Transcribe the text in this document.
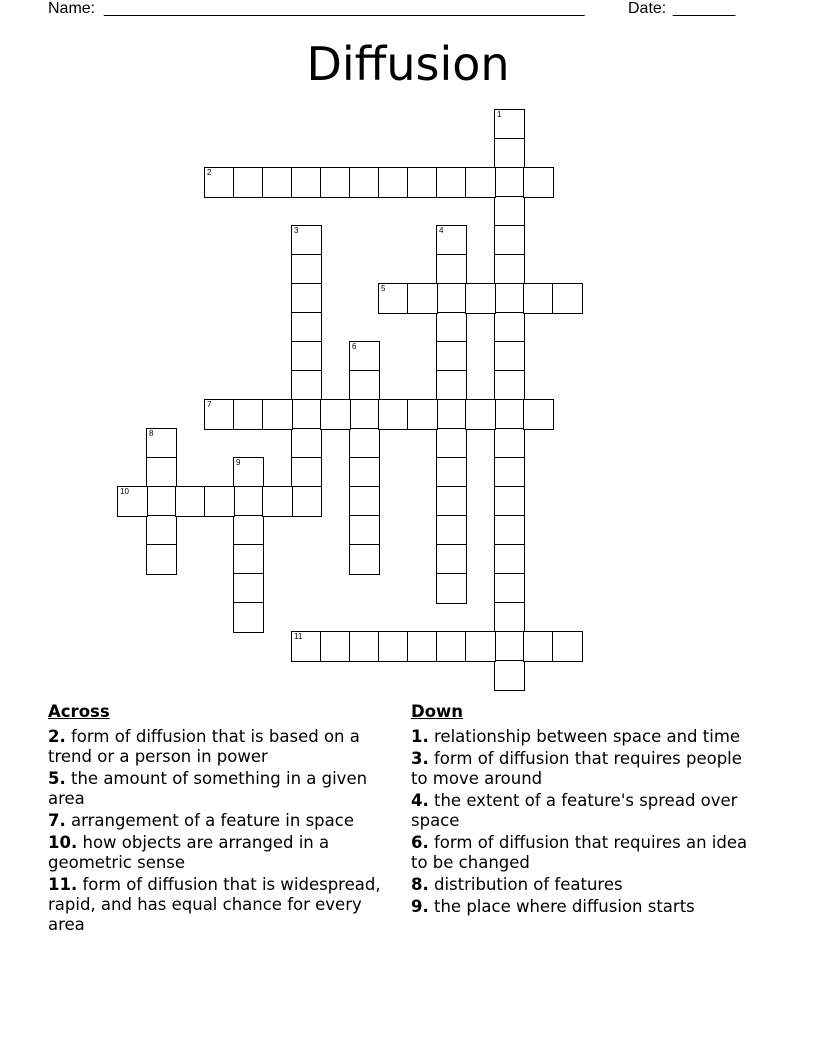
Name: ______________________________________________________	Date: _______
Diffusion
1
2
3	4
5
6
7
8
9
10
11
Across
2. form of diffusion that is based on a trend or a person in power
5. the amount of something in a given area
7. arrangement of a feature in space
10. how objects are arranged in a geometric sense
11. form of diffusion that is widespread, rapid, and has equal chance for every area
Down
1. relationship between space and time
3. form of diffusion that requires people to move around
4. the extent of a feature's spread over space
6. form of diffusion that requires an idea to be changed
8. distribution of features
9. the place where diffusion starts
